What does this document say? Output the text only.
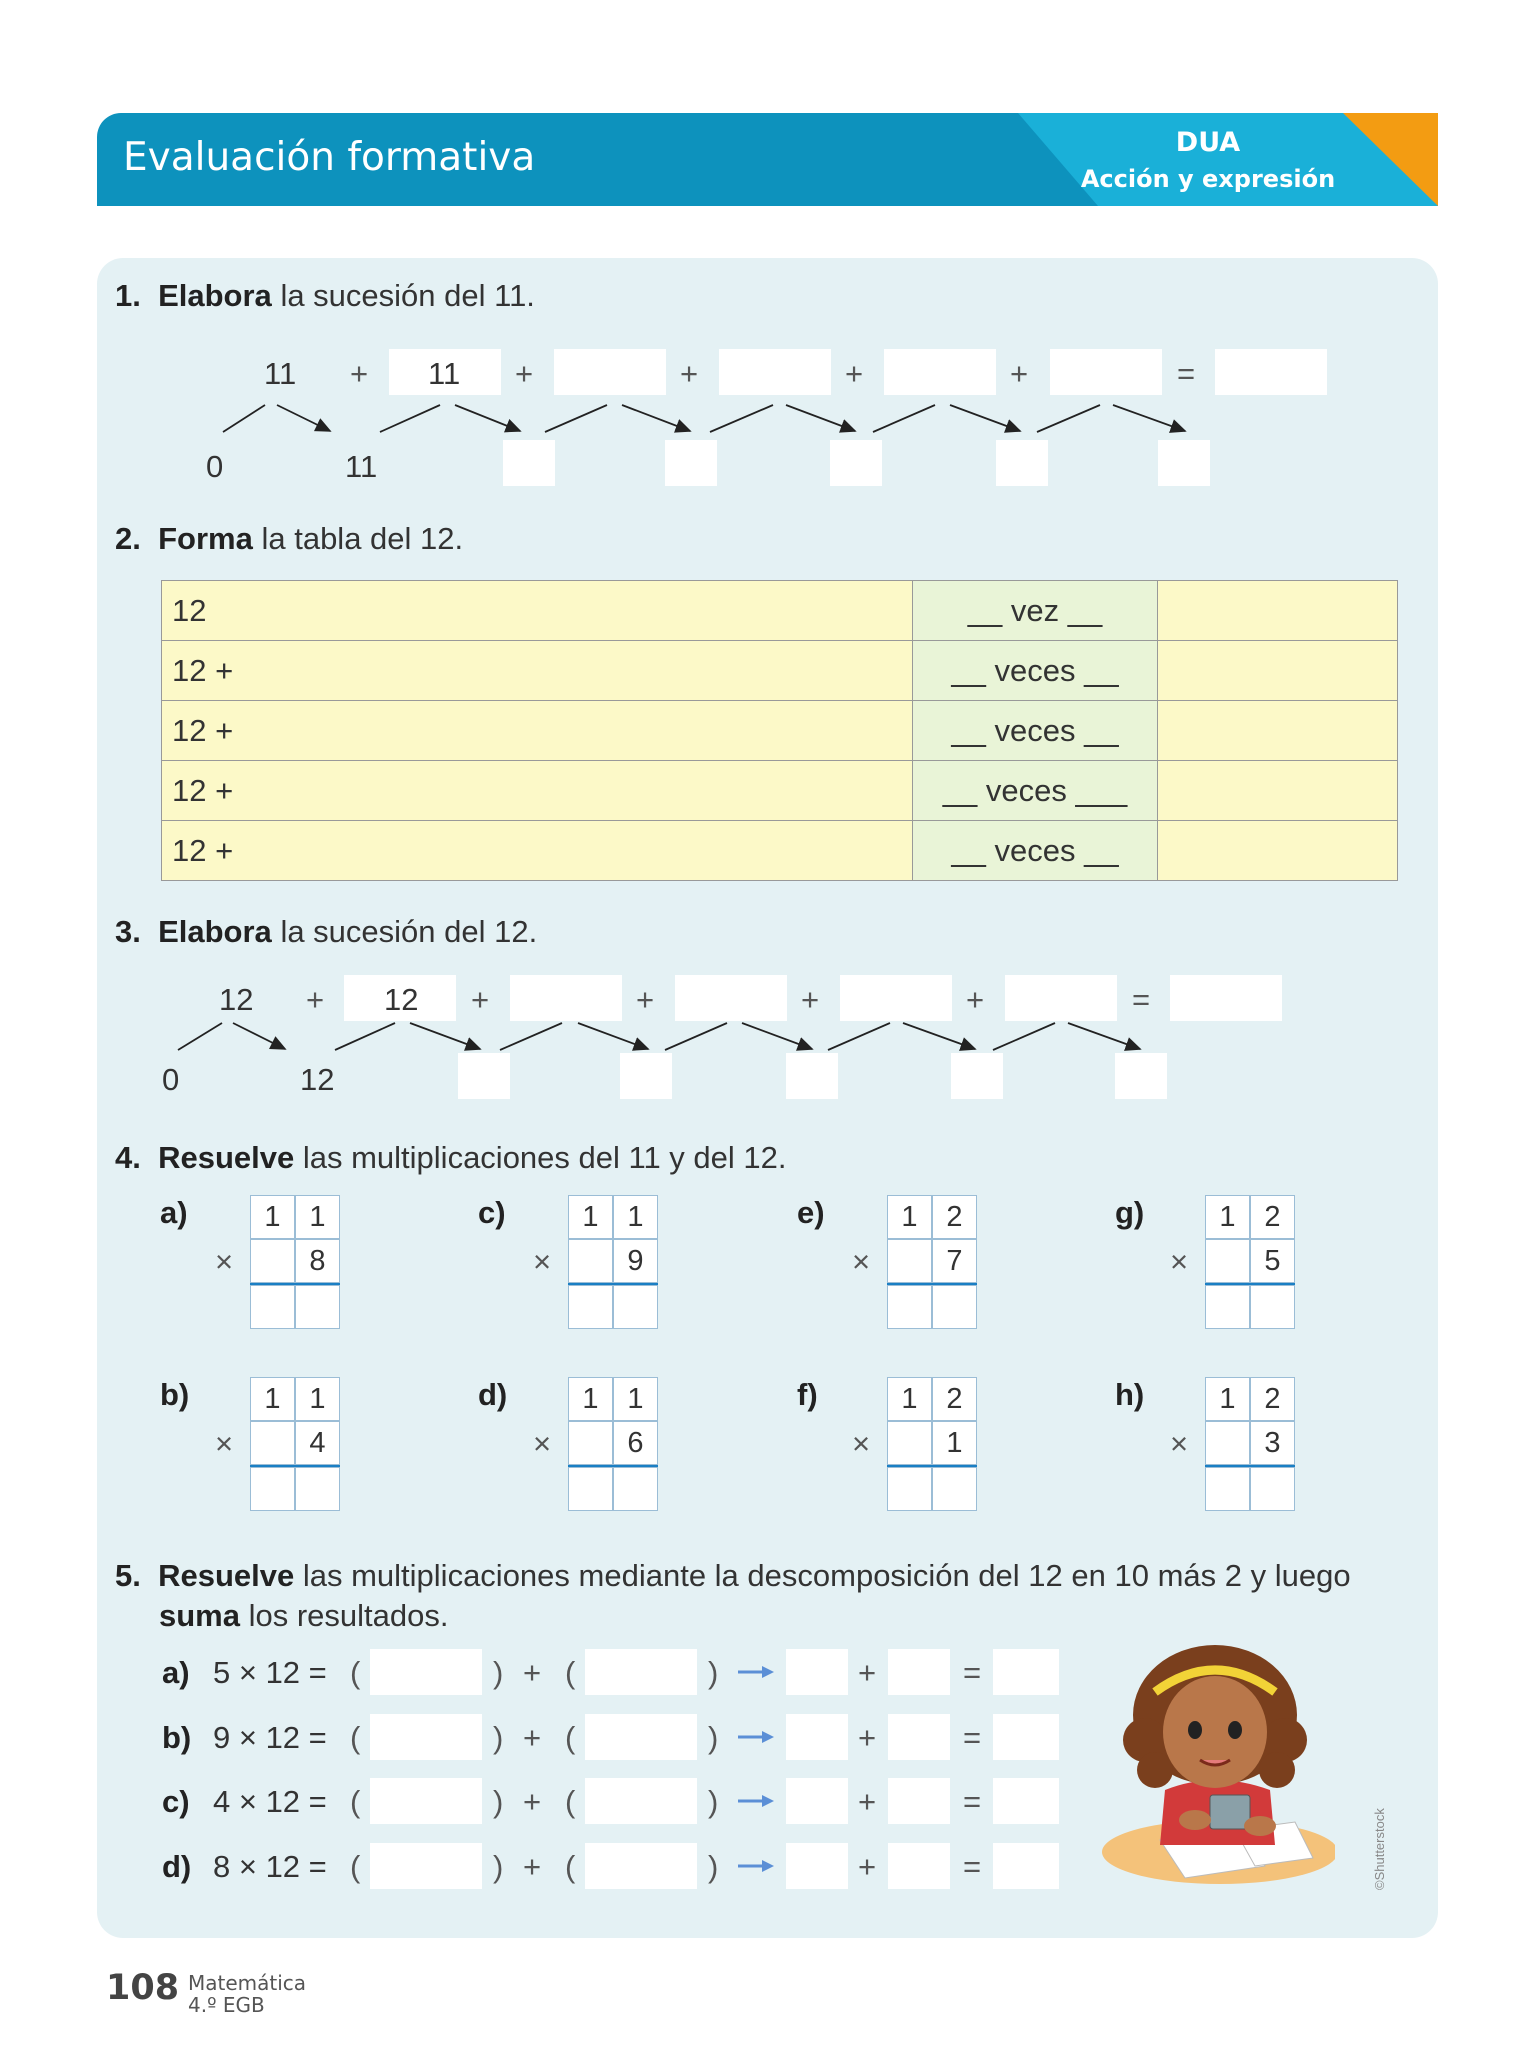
Evaluación formativa	DUA
Acción y expresión
1. Elabora la sucesión del 11.
11 + 11 +	+	+	+	=
0	11
2. Forma la tabla del 12.
12	__ vez __	
12 +	__ veces __	
12 +	__ veces __	
12 +	__ veces ___	
12 +	__ veces __	
3. Elabora la sucesión del 12.
12 + 12 +	+	+	+	=
0	12
4. Resuelve las multiplicaciones del 11 y del 12.
a)
×
1 1
8
c)
×
1 1
9
e)
×
1 2
7
g)
×
1 2
5
b)
×
1 1
4
d)
×
1 1
6
f)
×
1 2
1
h)
×
1 2
3
5. Resuelve las multiplicaciones mediante la descomposición del 12 en 10 más 2 y luego
suma los resultados.
a) 5 × 12 = (	) + (	)	+	=
b) 9 × 12 = (	) + (	)	+	=
c) 4 × 12 = (	) + (	)	+	=
d) 8 × 12 = (	) + (	)	+	=	©Shutterstock
108 Matemática
4.º EGB
